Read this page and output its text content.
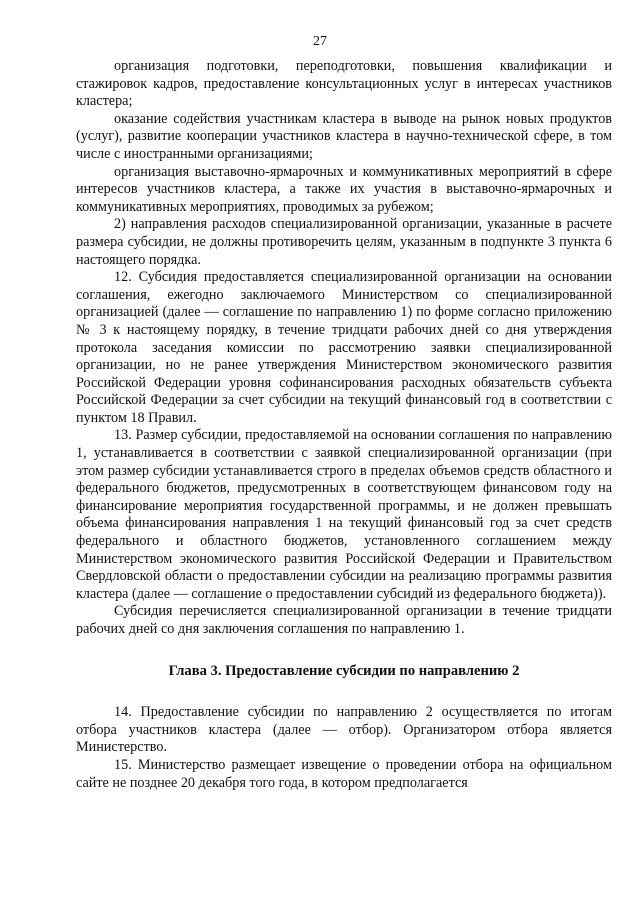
27

организация подготовки, переподготовки, повышения квалификации и стажировок кадров, предоставление консультационных услуг в интересах участников кластера;

оказание содействия участникам кластера в выводе на рынок новых продуктов (услуг), развитие кооперации участников кластера в научно-технической сфере, в том числе с иностранными организациями;

организация выставочно-ярмарочных и коммуникативных мероприятий в сфере интересов участников кластера, а также их участия в выставочно-ярмарочных и коммуникативных мероприятиях, проводимых за рубежом;

2) направления расходов специализированной организации, указанные в расчете размера субсидии, не должны противоречить целям, указанным в подпункте 3 пункта 6 настоящего порядка.

12. Субсидия предоставляется специализированной организации на основании соглашения, ежегодно заключаемого Министерством со специализированной организацией (далее — соглашение по направлению 1) по форме согласно приложению № 3 к настоящему порядку, в течение тридцати рабочих дней со дня утверждения протокола заседания комиссии по рассмотрению заявки специализированной организации, но не ранее утверждения Министерством экономического развития Российской Федерации уровня софинансирования расходных обязательств субъекта Российской Федерации за счет субсидии на текущий финансовый год в соответствии с пунктом 18 Правил.

13. Размер субсидии, предоставляемой на основании соглашения по направлению 1, устанавливается в соответствии с заявкой специализированной организации (при этом размер субсидии устанавливается строго в пределах объемов средств областного и федерального бюджетов, предусмотренных в соответствующем финансовом году на финансирование мероприятия государственной программы, и не должен превышать объема финансирования направления 1 на текущий финансовый год за счет средств федерального и областного бюджетов, установленного соглашением между Министерством экономического развития Российской Федерации и Правительством Свердловской области о предоставлении субсидии на реализацию программы развития кластера (далее — соглашение о предоставлении субсидий из федерального бюджета)).

Субсидия перечисляется специализированной организации в течение тридцати рабочих дней со дня заключения соглашения по направлению 1.

Глава 3. Предоставление субсидии по направлению 2

14. Предоставление субсидии по направлению 2 осуществляется по итогам отбора участников кластера (далее — отбор). Организатором отбора является Министерство.

15. Министерство размещает извещение о проведении отбора на официальном сайте не позднее 20 декабря того года, в котором предполагается
